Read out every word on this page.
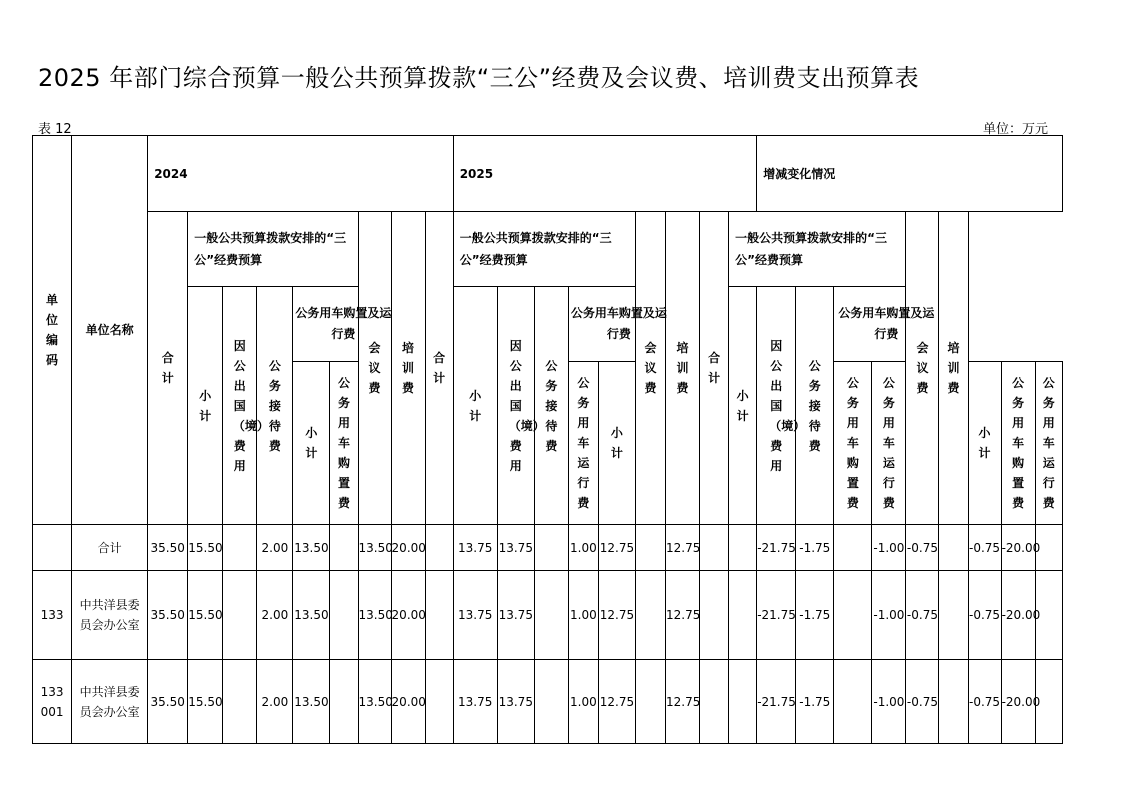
2025 年部门综合预算一般公共预算拨款“三公”经费及会议费、培训费支出预算表
表 12	单位：万元
单位编码	单位名称	2024									2025									增减变化情况								
		合计	一般公共预算拨款安排的“三公”经费预算					会议费	培训费	合计	一般公共预算拨款安排的“三公”经费预算					会议费	培训费	合计	一般公共预算拨款安排的“三公”经费预算					会议费	培训费			
			小计	因公出国（境）费用	公务接待费	公务用车购置及运行费					小计	因公出国（境）费用	公务接待费	公务用车购置及运行费					小计	因公出国（境）费用	公务接待费	公务用车购置及运行费						

						小计	公务用车购置费							公务用车运行费	小计							公务用车购置费	公务用车运行费			小计	公务用车购置费	公务用车运行费
	合计	35.50	15.50		2.00	13.50		13.50	20.00		13.75	13.75		1.00	12.75		12.75			-21.75	-1.75		-1.00	-0.75		-0.75	-20.00	
133	中共洋县委员会办公室	35.50	15.50		2.00	13.50		13.50	20.00		13.75	13.75		1.00	12.75		12.75			-21.75	-1.75		-1.00	-0.75		-0.75	-20.00	
133001	中共洋县委员会办公室	35.50	15.50		2.00	13.50		13.50	20.00		13.75	13.75		1.00	12.75		12.75			-21.75	-1.75		-1.00	-0.75		-0.75	-20.00	
